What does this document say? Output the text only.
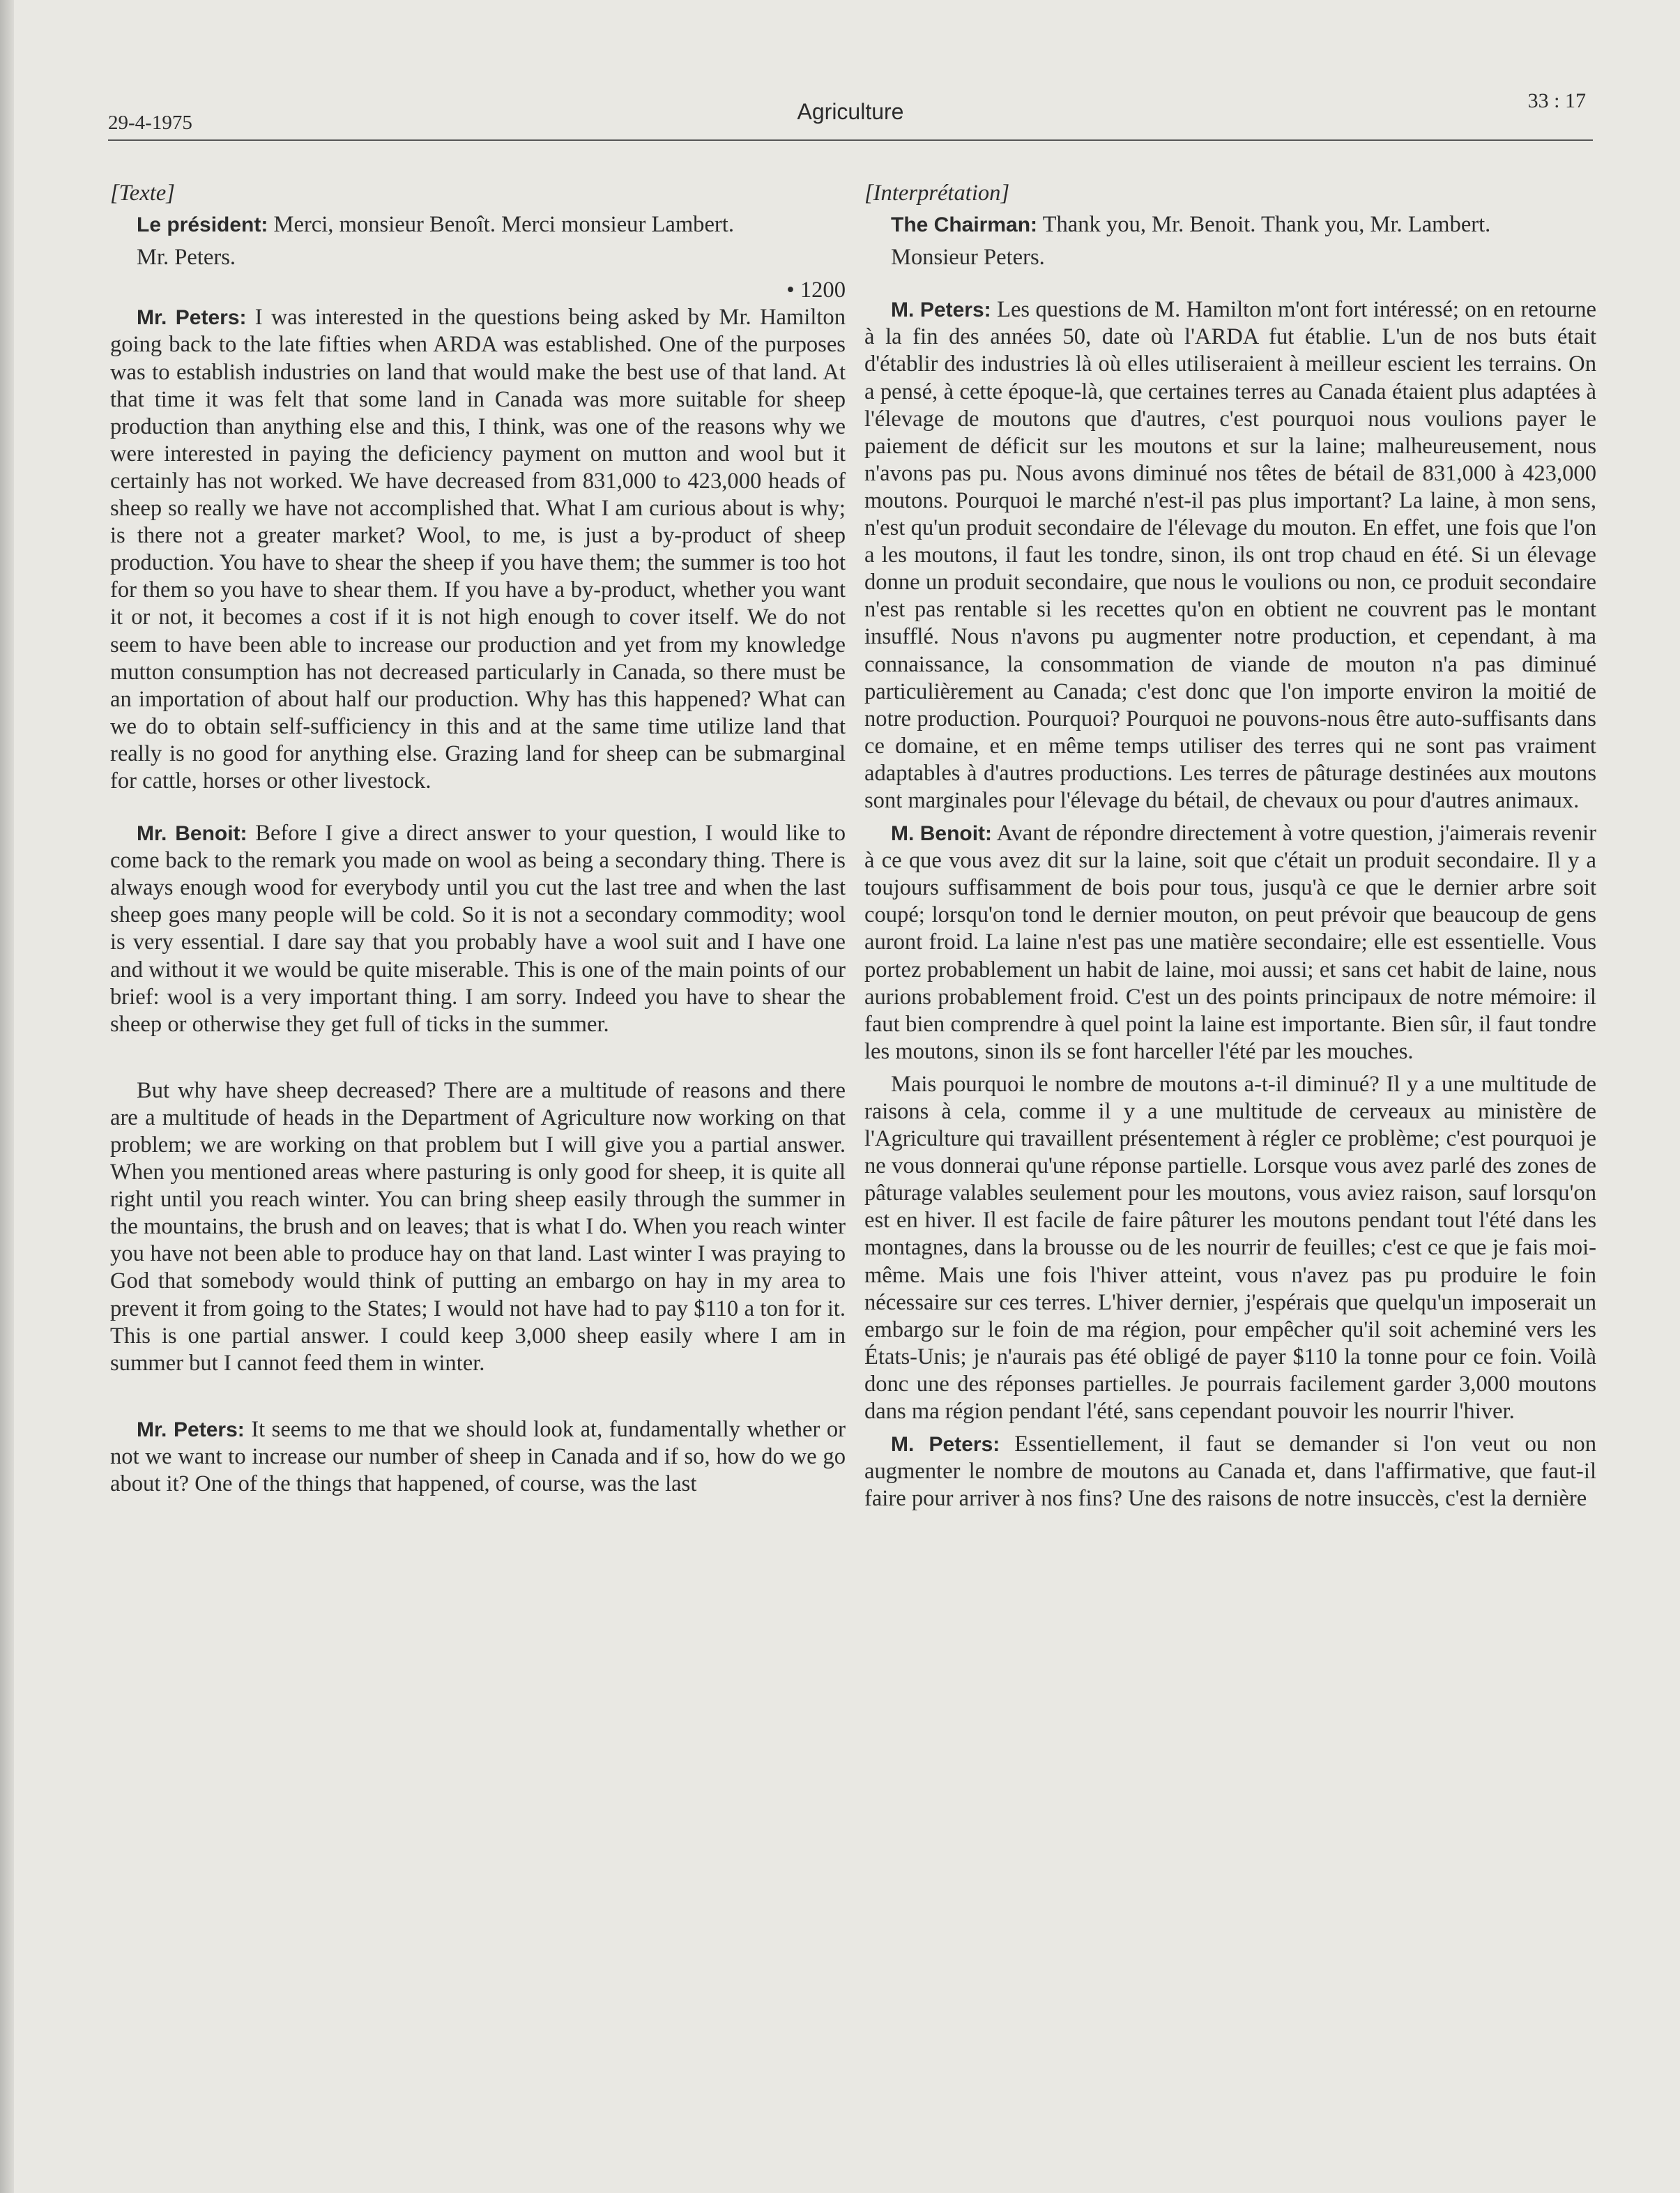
29-4-1975	Agriculture	33 : 17

[Texte]

Le président: Merci, monsieur Benoît. Merci monsieur Lambert.

Mr. Peters.

• 1200

Mr. Peters: I was interested in the questions being asked by Mr. Hamilton going back to the late fifties when ARDA was established. One of the purposes was to establish industries on land that would make the best use of that land. At that time it was felt that some land in Canada was more suitable for sheep production than anything else and this, I think, was one of the reasons why we were interested in paying the deficiency payment on mutton and wool but it certainly has not worked. We have decreased from 831,000 to 423,000 heads of sheep so really we have not accomplished that. What I am curious about is why; is there not a greater market? Wool, to me, is just a by-product of sheep production. You have to shear the sheep if you have them; the summer is too hot for them so you have to shear them. If you have a by-product, whether you want it or not, it becomes a cost if it is not high enough to cover itself. We do not seem to have been able to increase our production and yet from my knowledge mutton consumption has not decreased particularly in Canada, so there must be an importation of about half our production. Why has this happened? What can we do to obtain self-sufficiency in this and at the same time utilize land that really is no good for anything else. Grazing land for sheep can be submarginal for cattle, horses or other livestock.

Mr. Benoit: Before I give a direct answer to your question, I would like to come back to the remark you made on wool as being a secondary thing. There is always enough wood for everybody until you cut the last tree and when the last sheep goes many people will be cold. So it is not a secondary commodity; wool is very essential. I dare say that you probably have a wool suit and I have one and without it we would be quite miserable. This is one of the main points of our brief: wool is a very important thing. I am sorry. Indeed you have to shear the sheep or otherwise they get full of ticks in the summer.

But why have sheep decreased? There are a multitude of reasons and there are a multitude of heads in the Department of Agriculture now working on that problem; we are working on that problem but I will give you a partial answer. When you mentioned areas where pasturing is only good for sheep, it is quite all right until you reach winter. You can bring sheep easily through the summer in the mountains, the brush and on leaves; that is what I do. When you reach winter you have not been able to produce hay on that land. Last winter I was praying to God that somebody would think of putting an embargo on hay in my area to prevent it from going to the States; I would not have had to pay $110 a ton for it. This is one partial answer. I could keep 3,000 sheep easily where I am in summer but I cannot feed them in winter.

Mr. Peters: It seems to me that we should look at, fundamentally whether or not we want to increase our number of sheep in Canada and if so, how do we go about it? One of the things that happened, of course, was the last

[Interprétation]

The Chairman: Thank you, Mr. Benoit. Thank you, Mr. Lambert.

Monsieur Peters.

M. Peters: Les questions de M. Hamilton m'ont fort intéressé; on en retourne à la fin des années 50, date où l'ARDA fut établie. L'un de nos buts était d'établir des industries là où elles utiliseraient à meilleur escient les terrains. On a pensé, à cette époque-là, que certaines terres au Canada étaient plus adaptées à l'élevage de moutons que d'autres, c'est pourquoi nous voulions payer le paiement de déficit sur les moutons et sur la laine; malheureusement, nous n'avons pas pu. Nous avons diminué nos têtes de bétail de 831,000 à 423,000 moutons. Pourquoi le marché n'est-il pas plus important? La laine, à mon sens, n'est qu'un produit secondaire de l'élevage du mouton. En effet, une fois que l'on a les moutons, il faut les tondre, sinon, ils ont trop chaud en été. Si un élevage donne un produit secondaire, que nous le voulions ou non, ce produit secondaire n'est pas rentable si les recettes qu'on en obtient ne couvrent pas le montant insufflé. Nous n'avons pu augmenter notre production, et cependant, à ma connaissance, la consommation de viande de mouton n'a pas diminué particulièrement au Canada; c'est donc que l'on importe environ la moitié de notre production. Pourquoi? Pourquoi ne pouvons-nous être auto-suffisants dans ce domaine, et en même temps utiliser des terres qui ne sont pas vraiment adaptables à d'autres productions. Les terres de pâturage destinées aux moutons sont marginales pour l'élevage du bétail, de chevaux ou pour d'autres animaux.

M. Benoit: Avant de répondre directement à votre question, j'aimerais revenir à ce que vous avez dit sur la laine, soit que c'était un produit secondaire. Il y a toujours suffisamment de bois pour tous, jusqu'à ce que le dernier arbre soit coupé; lorsqu'on tond le dernier mouton, on peut prévoir que beaucoup de gens auront froid. La laine n'est pas une matière secondaire; elle est essentielle. Vous portez probablement un habit de laine, moi aussi; et sans cet habit de laine, nous aurions probablement froid. C'est un des points principaux de notre mémoire: il faut bien comprendre à quel point la laine est importante. Bien sûr, il faut tondre les moutons, sinon ils se font harceller l'été par les mouches.

Mais pourquoi le nombre de moutons a-t-il diminué? Il y a une multitude de raisons à cela, comme il y a une multitude de cerveaux au ministère de l'Agriculture qui travaillent présentement à régler ce problème; c'est pourquoi je ne vous donnerai qu'une réponse partielle. Lorsque vous avez parlé des zones de pâturage valables seulement pour les moutons, vous aviez raison, sauf lorsqu'on est en hiver. Il est facile de faire pâturer les moutons pendant tout l'été dans les montagnes, dans la brousse ou de les nourrir de feuilles; c'est ce que je fais moi-même. Mais une fois l'hiver atteint, vous n'avez pas pu produire le foin nécessaire sur ces terres. L'hiver dernier, j'espérais que quelqu'un imposerait un embargo sur le foin de ma région, pour empêcher qu'il soit acheminé vers les États-Unis; je n'aurais pas été obligé de payer $110 la tonne pour ce foin. Voilà donc une des réponses partielles. Je pourrais facilement garder 3,000 moutons dans ma région pendant l'été, sans cependant pouvoir les nourrir l'hiver.

M. Peters: Essentiellement, il faut se demander si l'on veut ou non augmenter le nombre de moutons au Canada et, dans l'affirmative, que faut-il faire pour arriver à nos fins? Une des raisons de notre insuccès, c'est la dernière
